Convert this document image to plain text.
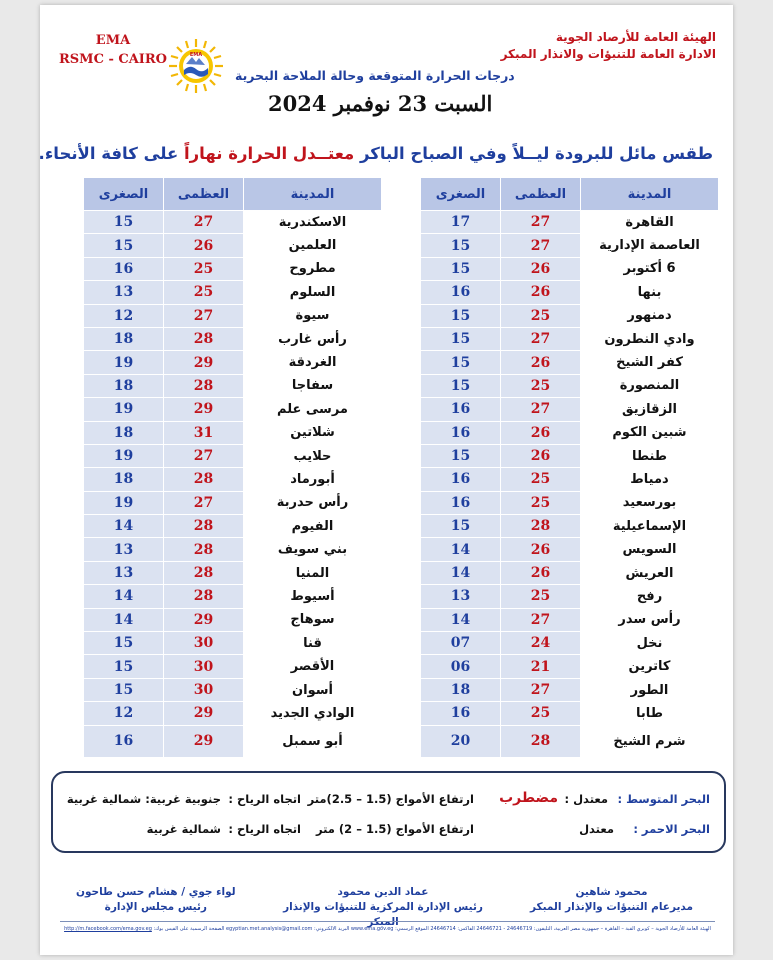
EMA
RSMC - CAIRO	EMA
الهيئة العامة للأرصاد الجوية
الادارة العامة للتنبؤات والانذار المبكر
درجات الحرارة المتوقعة وحالة الملاحة البحرية
السبت 23 نوفمبر 2024
طقس مائل للبرودة ليــلاً وفي الصباح الباكر معتــدل الحرارة نهاراً على كافة الأنحاء.
المدينة	العظمى	الصغرى
القاهرة	27	17
العاصمة الإدارية	27	15
6 أكتوبر	26	15
بنها	26	16
دمنهور	25	15
وادي النطرون	27	15
كفر الشيخ	26	15
المنصورة	25	15
الزقازيق	27	16
شبين الكوم	26	16
طنطا	26	15
دمياط	25	16
بورسعيد	25	16
الإسماعيلية	28	15
السويس	26	14
العريش	26	14
رفح	25	13
رأس سدر	27	14
نخل	24	07
كاترين	21	06
الطور	27	18
طابا	25	16
شرم الشيخ	28	20
المدينة	العظمى	الصغرى
الاسكندرية	27	15
العلمين	26	15
مطروح	25	16
السلوم	25	13
سيوة	27	12
رأس غارب	28	18
الغردقة	29	19
سفاجا	28	18
مرسى علم	29	19
شلاتين	31	18
حلايب	27	19
أبورماد	28	18
رأس حدربة	27	19
الفيوم	28	14
بني سويف	28	13
المنيا	28	13
أسيوط	28	14
سوهاج	29	14
قنا	30	15
الأقصر	30	15
أسوان	30	15
الوادي الجديد	29	12
أبو سمبل	29	16
البحر المتوسط :
معتدل :
مضطرب
ارتفاع الأمواج (1.5 – 2.5)متر
اتجاه الرياح :
جنوبية غربية: شمالية غربية
البحر الاحمر :
معتدل
ارتفاع الأمواج (1.5 – 2) متر
اتجاه الرياح :
شمالية غربية
محمود شاهين
مديرعام التنبؤات والإنذار المبكر
عماد الدين محمود
رئيس الإدارة المركزية للتنبؤات والإنذار المبكر
لواء جوي / هشام حسن طاحون
رئيس مجلس الإدارة
الهيئة العامة للأرصاد الجوية – كوبري القبة – القاهرة – جمهورية مصر العربية، التليفون: 24646719 - 24646721 الفاكس: 24646714 الموقع الرسمي: www.ema.gov.eg البريد الالكتروني: egyptian.met.analysis@gmail.com الصفحة الرسمية على الفيس بوك: http://m.facebook.com/ema.gov.eg
